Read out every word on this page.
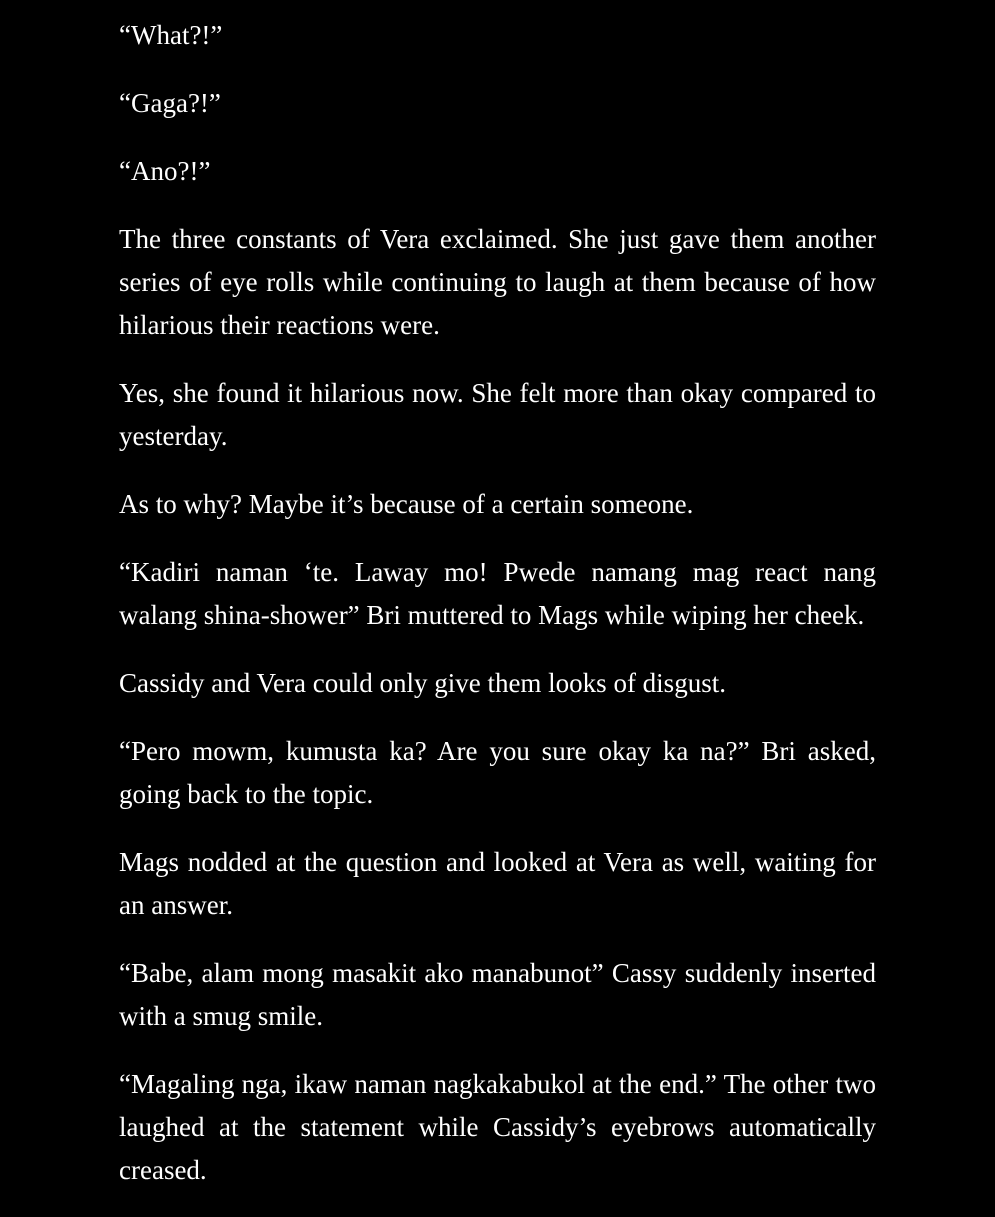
“What?!”

“Gaga?!”

“Ano?!”

The three constants of Vera exclaimed. She just gave them another series of eye rolls while continuing to laugh at them because of how hilarious their reactions were.

Yes, she found it hilarious now. She felt more than okay compared to yesterday.

As to why? Maybe it’s because of a certain someone.

“Kadiri naman ‘te. Laway mo! Pwede namang mag react nang walang shina-shower” Bri muttered to Mags while wiping her cheek.

Cassidy and Vera could only give them looks of disgust.

“Pero mowm, kumusta ka? Are you sure okay ka na?” Bri asked, going back to the topic.

Mags nodded at the question and looked at Vera as well, waiting for an answer.

“Babe, alam mong masakit ako manabunot” Cassy suddenly inserted with a smug smile.

“Magaling nga, ikaw naman nagkakabukol at the end.” The other two laughed at the statement while Cassidy’s eyebrows automatically creased.
